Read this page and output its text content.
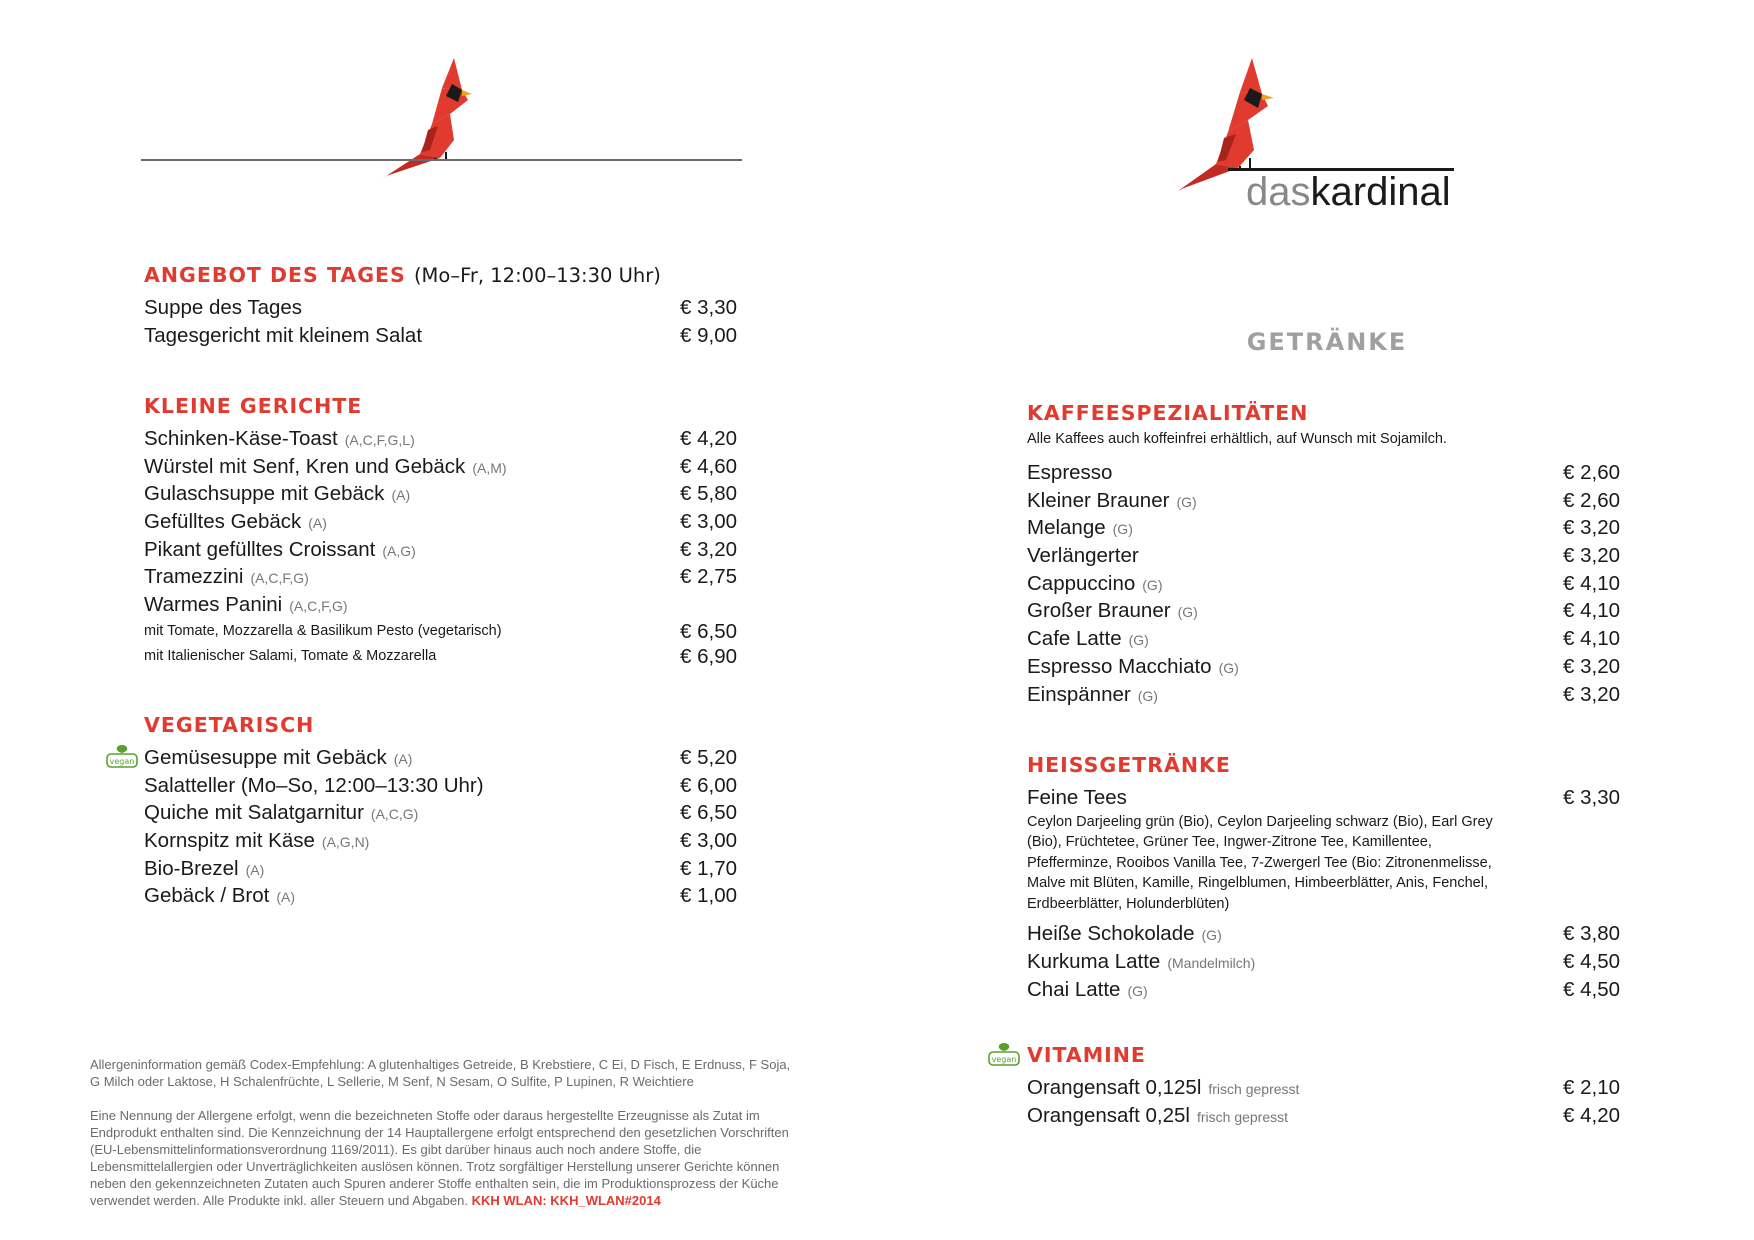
ANGEBOT DES TAGES (Mo–Fr, 12:00–13:30 Uhr)
Suppe des Tages	€ 3,30
Tagesgericht mit kleinem Salat	€ 9,00
KLEINE GERICHTE
Schinken-Käse-Toast (A,C,F,G,L)	€ 4,20
Würstel mit Senf, Kren und Gebäck (A,M)	€ 4,60
Gulaschsuppe mit Gebäck (A)	€ 5,80
Gefülltes Gebäck (A)	€ 3,00
Pikant gefülltes Croissant (A,G)	€ 3,20
Tramezzini (A,C,F,G)	€ 2,75
Warmes Panini (A,C,F,G)
mit Tomate, Mozzarella & Basilikum Pesto (vegetarisch)	€ 6,50
mit Italienischer Salami, Tomate & Mozzarella	€ 6,90
VEGETARISCH
Gemüsesuppe mit Gebäck (A)	€ 5,20
Salatteller (Mo–So, 12:00–13:30 Uhr)	€ 6,00
Quiche mit Salatgarnitur (A,C,G)	€ 6,50
Kornspitz mit Käse (A,G,N)	€ 3,00
Bio-Brezel (A)	€ 1,70
Gebäck / Brot (A)	€ 1,00
vegan

Allergeninformation gemäß Codex-Empfehlung: A glutenhaltiges Getreide, B Krebstiere, C Ei, D Fisch, E Erdnuss, F Soja, G Milch oder Laktose, H Schalenfrüchte, L Sellerie, M Senf, N Sesam, O Sulfite, P Lupinen, R Weichtiere

Eine Nennung der Allergene erfolgt, wenn die bezeichneten Stoffe oder daraus hergestellte Erzeugnisse als Zutat im Endprodukt enthalten sind. Die Kennzeichnung der 14 Hauptallergene erfolgt entsprechend den gesetzlichen Vorschriften (EU-Lebensmittelinformationsverordnung 1169/2011). Es gibt darüber hinaus auch noch andere Stoffe, die Lebensmittelallergien oder Unverträglichkeiten auslösen können. Trotz sorgfältiger Herstellung unserer Gerichte können neben den gekennzeichneten Zutaten auch Spuren anderer Stoffe enthalten sein, die im Produktionsprozess der Küche verwendet werden. Alle Produkte inkl. aller Steuern und Abgaben. KKH WLAN: KKH_WLAN#2014

daskardinal
GETRÄNKE
KAFFEESPEZIALITÄTEN
Alle Kaffees auch koffeinfrei erhältlich, auf Wunsch mit Sojamilch.
Espresso	€ 2,60
Kleiner Brauner (G)	€ 2,60
Melange (G)	€ 3,20
Verlängerter	€ 3,20
Cappuccino (G)	€ 4,10
Großer Brauner (G)	€ 4,10
Cafe Latte (G)	€ 4,10
Espresso Macchiato (G)	€ 3,20
Einspänner (G)	€ 3,20
HEISSGETRÄNKE
Feine Tees	€ 3,30
Ceylon Darjeeling grün (Bio), Ceylon Darjeeling schwarz (Bio), Earl Grey (Bio), Früchtetee, Grüner Tee, Ingwer-Zitrone Tee, Kamillentee, Pfefferminze, Rooibos Vanilla Tee, 7-Zwergerl Tee (Bio: Zitronenmelisse, Malve mit Blüten, Kamille, Ringelblumen, Himbeerblätter, Anis, Fenchel, Erdbeerblätter, Holunderblüten)
Heiße Schokolade (G)	€ 3,80
Kurkuma Latte (Mandelmilch)	€ 4,50
Chai Latte (G)	€ 4,50
vegan VITAMINE
Orangensaft 0,125l frisch gepresst	€ 2,10
Orangensaft 0,25l frisch gepresst	€ 4,20
